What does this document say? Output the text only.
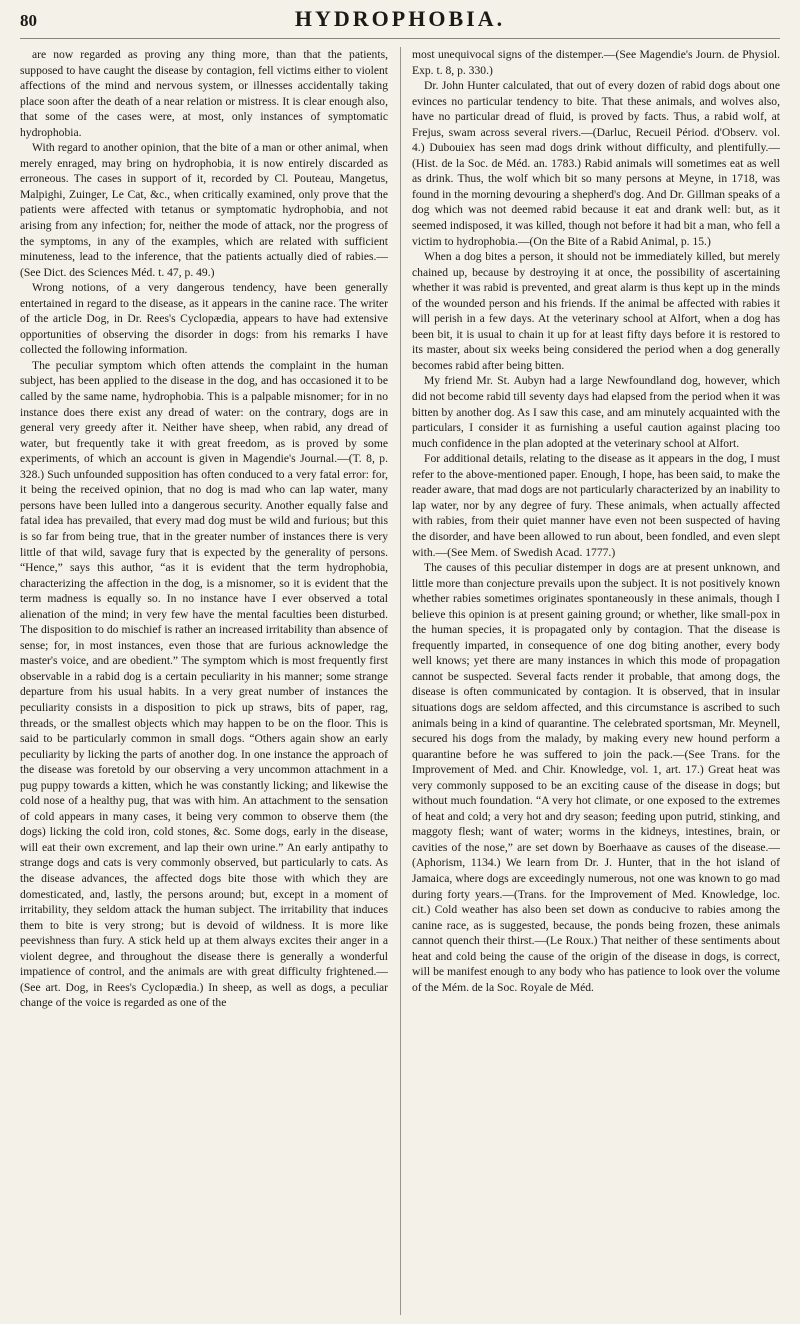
80	HYDROPHOBIA.

are now regarded as proving any thing more, than that the patients, supposed to have caught the disease by contagion, fell victims either to violent affections of the mind and nervous system, or illnesses accidentally taking place soon after the death of a near relation or mistress. It is clear enough also, that some of the cases were, at most, only instances of symptomatic hydrophobia.

With regard to another opinion, that the bite of a man or other animal, when merely enraged, may bring on hydrophobia, it is now entirely discarded as erroneous. The cases in support of it, recorded by Cl. Pouteau, Mangetus, Malpighi, Zuinger, Le Cat, &c., when critically examined, only prove that the patients were affected with tetanus or symptomatic hydrophobia, and not arising from any infection; for, neither the mode of attack, nor the progress of the symptoms, in any of the examples, which are related with sufficient minuteness, lead to the inference, that the patients actually died of rabies.—(See Dict. des Sciences Méd. t. 47, p. 49.)

Wrong notions, of a very dangerous tendency, have been generally entertained in regard to the disease, as it appears in the canine race. The writer of the article Dog, in Dr. Rees's Cyclopædia, appears to have had extensive opportunities of observing the disorder in dogs: from his remarks I have collected the following information.

The peculiar symptom which often attends the complaint in the human subject, has been applied to the disease in the dog, and has occasioned it to be called by the same name, hydrophobia. This is a palpable misnomer; for in no instance does there exist any dread of water: on the contrary, dogs are in general very greedy after it. Neither have sheep, when rabid, any dread of water, but frequently take it with great freedom, as is proved by some experiments, of which an account is given in Magendie's Journal.—(T. 8, p. 328.) Such unfounded supposition has often conduced to a very fatal error: for, it being the received opinion, that no dog is mad who can lap water, many persons have been lulled into a dangerous security. Another equally false and fatal idea has prevailed, that every mad dog must be wild and furious; but this is so far from being true, that in the greater number of instances there is very little of that wild, savage fury that is expected by the generality of persons. “Hence,” says this author, “as it is evident that the term hydrophobia, characterizing the affection in the dog, is a misnomer, so it is evident that the term madness is equally so. In no instance have I ever observed a total alienation of the mind; in very few have the mental faculties been disturbed. The disposition to do mischief is rather an increased irritability than absence of sense; for, in most instances, even those that are furious acknowledge the master's voice, and are obedient.” The symptom which is most frequently first observable in a rabid dog is a certain peculiarity in his manner; some strange departure from his usual habits. In a very great number of instances the peculiarity consists in a disposition to pick up straws, bits of paper, rag, threads, or the smallest objects which may happen to be on the floor. This is said to be particularly common in small dogs. “Others again show an early peculiarity by licking the parts of another dog. In one instance the approach of the disease was foretold by our observing a very uncommon attachment in a pug puppy towards a kitten, which he was constantly licking; and likewise the cold nose of a healthy pug, that was with him. An attachment to the sensation of cold appears in many cases, it being very common to observe them (the dogs) licking the cold iron, cold stones, &c. Some dogs, early in the disease, will eat their own excrement, and lap their own urine.” An early antipathy to strange dogs and cats is very commonly observed, but particularly to cats. As the disease advances, the affected dogs bite those with which they are domesticated, and, lastly, the persons around; but, except in a moment of irritability, they seldom attack the human subject. The irritability that induces them to bite is very strong; but is devoid of wildness. It is more like peevishness than fury. A stick held up at them always excites their anger in a violent degree, and throughout the disease there is generally a wonderful impatience of control, and the animals are with great difficulty frightened.—(See art. Dog, in Rees's Cyclopædia.) In sheep, as well as dogs, a peculiar change of the voice is regarded as one of the

most unequivocal signs of the distemper.—(See Magendie's Journ. de Physiol. Exp. t. 8, p. 330.)

Dr. John Hunter calculated, that out of every dozen of rabid dogs about one evinces no particular tendency to bite. That these animals, and wolves also, have no particular dread of fluid, is proved by facts. Thus, a rabid wolf, at Frejus, swam across several rivers.—(Darluc, Recueil Périod. d'Observ. vol. 4.) Dubouiex has seen mad dogs drink without difficulty, and plentifully.—(Hist. de la Soc. de Méd. an. 1783.) Rabid animals will sometimes eat as well as drink. Thus, the wolf which bit so many persons at Meyne, in 1718, was found in the morning devouring a shepherd's dog. And Dr. Gillman speaks of a dog which was not deemed rabid because it eat and drank well: but, as it seemed indisposed, it was killed, though not before it had bit a man, who fell a victim to hydrophobia.—(On the Bite of a Rabid Animal, p. 15.)

When a dog bites a person, it should not be immediately killed, but merely chained up, because by destroying it at once, the possibility of ascertaining whether it was rabid is prevented, and great alarm is thus kept up in the minds of the wounded person and his friends. If the animal be affected with rabies it will perish in a few days. At the veterinary school at Alfort, when a dog has been bit, it is usual to chain it up for at least fifty days before it is restored to its master, about six weeks being considered the period when a dog generally becomes rabid after being bitten.

My friend Mr. St. Aubyn had a large Newfoundland dog, however, which did not become rabid till seventy days had elapsed from the period when it was bitten by another dog. As I saw this case, and am minutely acquainted with the particulars, I consider it as furnishing a useful caution against placing too much confidence in the plan adopted at the veterinary school at Alfort.

For additional details, relating to the disease as it appears in the dog, I must refer to the above-mentioned paper. Enough, I hope, has been said, to make the reader aware, that mad dogs are not particularly characterized by an inability to lap water, nor by any degree of fury. These animals, when actually affected with rabies, from their quiet manner have even not been suspected of having the disorder, and have been allowed to run about, been fondled, and even slept with.—(See Mem. of Swedish Acad. 1777.)

The causes of this peculiar distemper in dogs are at present unknown, and little more than conjecture prevails upon the subject. It is not positively known whether rabies sometimes originates spontaneously in these animals, though I believe this opinion is at present gaining ground; or whether, like small-pox in the human species, it is propagated only by contagion. That the disease is frequently imparted, in consequence of one dog biting another, every body well knows; yet there are many instances in which this mode of propagation cannot be suspected. Several facts render it probable, that among dogs, the disease is often communicated by contagion. It is observed, that in insular situations dogs are seldom affected, and this circumstance is ascribed to such animals being in a kind of quarantine. The celebrated sportsman, Mr. Meynell, secured his dogs from the malady, by making every new hound perform a quarantine before he was suffered to join the pack.—(See Trans. for the Improvement of Med. and Chir. Knowledge, vol. 1, art. 17.) Great heat was very commonly supposed to be an exciting cause of the disease in dogs; but without much foundation. “A very hot climate, or one exposed to the extremes of heat and cold; a very hot and dry season; feeding upon putrid, stinking, and maggoty flesh; want of water; worms in the kidneys, intestines, brain, or cavities of the nose,” are set down by Boerhaave as causes of the disease.—(Aphorism, 1134.) We learn from Dr. J. Hunter, that in the hot island of Jamaica, where dogs are exceedingly numerous, not one was known to go mad during forty years.—(Trans. for the Improvement of Med. Knowledge, loc. cit.) Cold weather has also been set down as conducive to rabies among the canine race, as is suggested, because, the ponds being frozen, these animals cannot quench their thirst.—(Le Roux.) That neither of these sentiments about heat and cold being the cause of the origin of the disease in dogs, is correct, will be manifest enough to any body who has patience to look over the volume of the Mém. de la Soc. Royale de Méd.
